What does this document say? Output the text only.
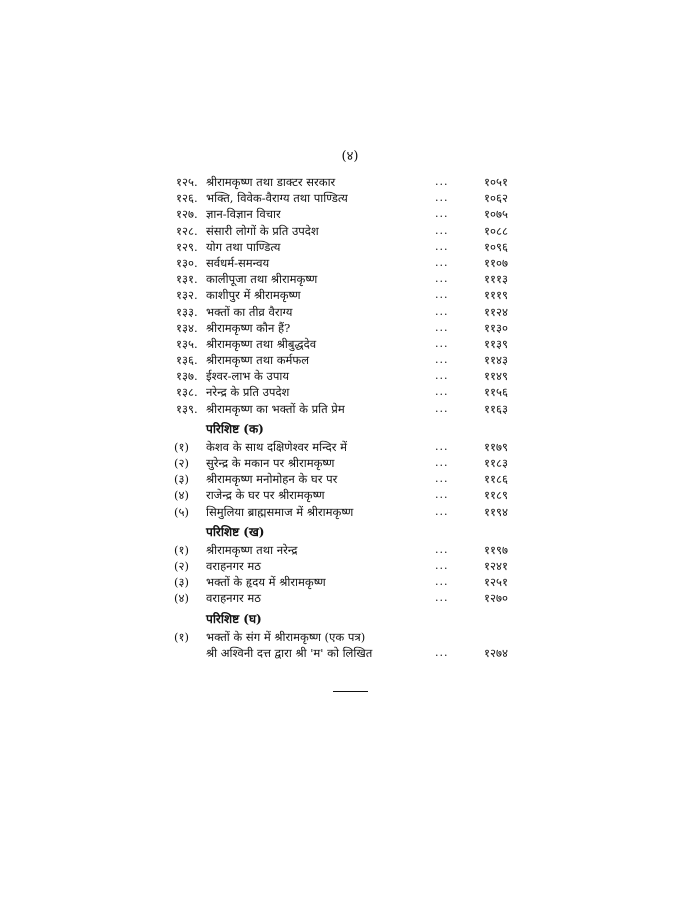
(४)
१२५. श्रीरामकृष्ण तथा डाक्टर सरकार	...	१०५१
१२६. भक्ति, विवेक-वैराग्य तथा पाण्डित्य	...	१०६२
१२७. ज्ञान-विज्ञान विचार	...	१०७५
१२८. संसारी लोगों के प्रति उपदेश	...	१०८८
१२९. योग तथा पाण्डित्य	...	१०९६
१३०. सर्वधर्म-समन्वय	...	११०७
१३१. कालीपूजा तथा श्रीरामकृष्ण	...	१११३
१३२. काशीपुर में श्रीरामकृष्ण	...	१११९
१३३. भक्तों का तीव्र वैराग्य	...	११२४
१३४. श्रीरामकृष्ण कौन हैं?	...	११३०
१३५. श्रीरामकृष्ण तथा श्रीबुद्धदेव	...	११३९
१३६. श्रीरामकृष्ण तथा कर्मफल	...	११४३
१३७. ईश्वर-लाभ के उपाय	...	११४९
१३८. नरेन्द्र के प्रति उपदेश	...	११५६
१३९. श्रीरामकृष्ण का भक्तों के प्रति प्रेम	...	११६३
परिशिष्ट (क)
(१) केशव के साथ दक्षिणेश्वर मन्दिर में	...	११७९
(२) सुरेन्द्र के मकान पर श्रीरामकृष्ण	...	११८३
(३) श्रीरामकृष्ण मनोमोहन के घर पर	...	११८६
(४) राजेन्द्र के घर पर श्रीरामकृष्ण	...	११८९
(५) सिमुलिया ब्राह्मसमाज में श्रीरामकृष्ण	...	११९४
परिशिष्ट (ख)
(१) श्रीरामकृष्ण तथा नरेन्द्र	...	११९७
(२) वराहनगर मठ	...	१२४१
(३) भक्तों के हृदय में श्रीरामकृष्ण	...	१२५१
(४) वराहनगर मठ	...	१२७०
परिशिष्ट (घ)
(१) भक्तों के संग में श्रीरामकृष्ण (एक पत्र)
श्री अश्विनी दत्त द्वारा श्री 'म' को लिखित	...	१२७४
